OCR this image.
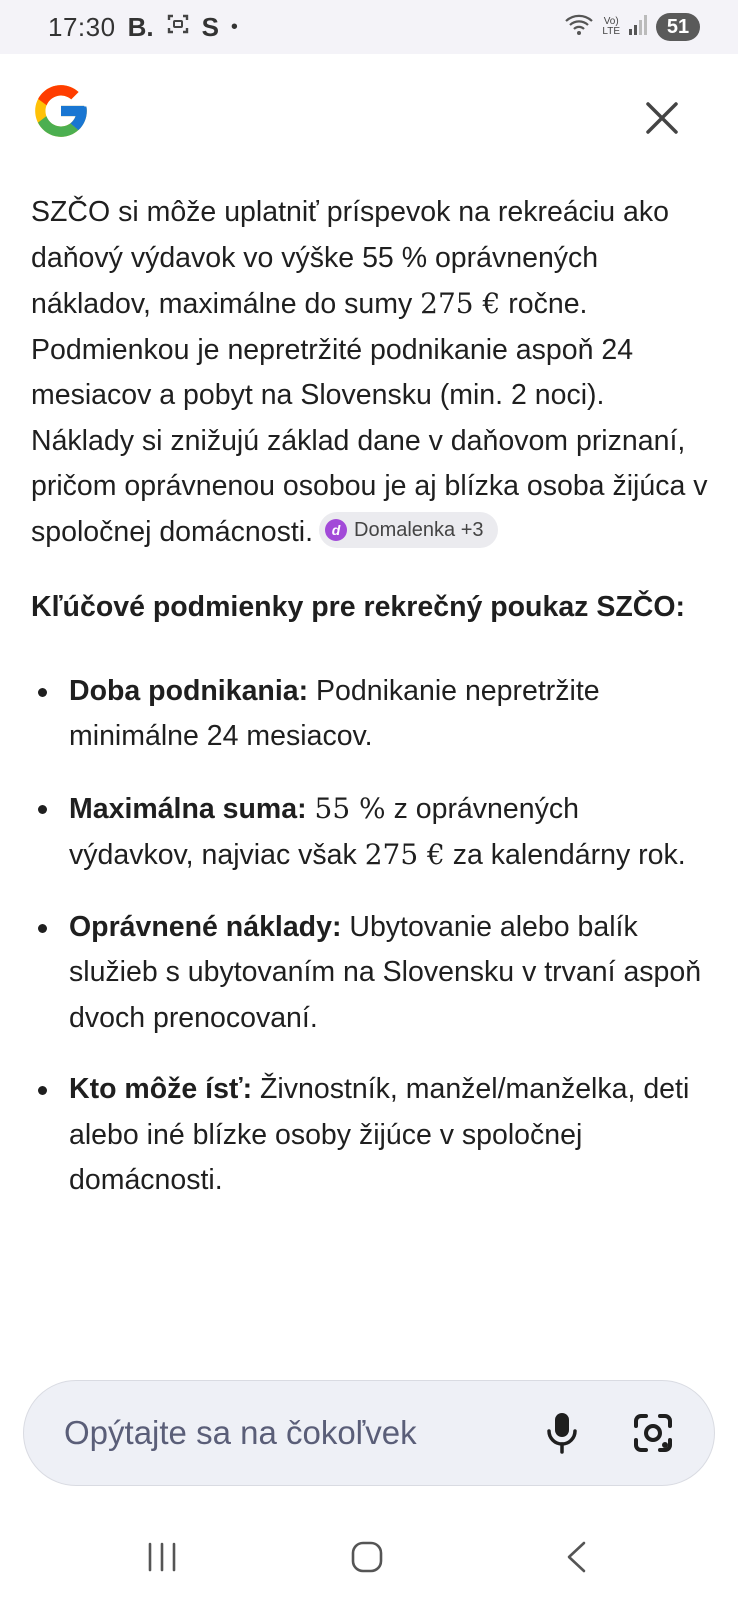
17:30 B. S •	Vo)
LTE	51

SZČO si môže uplatniť príspevok na rekreáciu ako daňový výdavok vo výške 55 % oprávnených nákladov, maximálne do sumy 275 € ročne. Podmienkou je nepretržité podnikanie aspoň 24 mesiacov a pobyt na Slovensku (min. 2 noci). Náklady si znižujú základ dane v daňovom priznaní, pričom oprávnenou osobou je aj blízka osoba žijúca v spoločnej domácnosti.	d Domalenka +3

Kľúčové podmienky pre rekrečný poukaz SZČO:
Doba podnikania: Podnikanie nepretržite minimálne 24 mesiacov.
Maximálna suma: 55 % z oprávnených výdavkov, najviac však 275 € za kalendárny rok.
Oprávnené náklady: Ubytovanie alebo balík služieb s ubytovaním na Slovensku v trvaní aspoň dvoch prenocovaní.
Kto môže ísť: Živnostník, manžel/manželka, deti alebo iné blízke osoby žijúce v spoločnej domácnosti.
Opýtajte sa na čokoľvek
